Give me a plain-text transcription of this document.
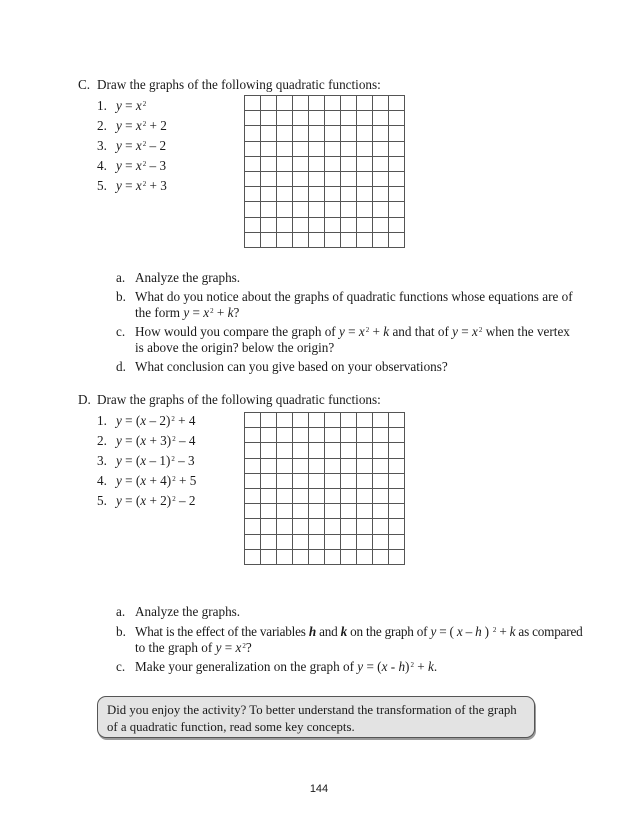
C. Draw the graphs of the following quadratic functions:
1. $y = x^2$
2. $y = x^2 + 2$
3. $y = x^2 - 2$
4. $y = x^2 - 3$
5. $y = x^2 + 3$
a. Analyze the graphs.
b. What do you notice about the graphs of quadratic functions whose equations are of
the form $y = x^2 + k$?
c. How would you compare the graph of $y = x^2 + k$ and that of $y = x^2$ when the vertex
is above the origin? below the origin?
d. What conclusion can you give based on your observations?
D. Draw the graphs of the following quadratic functions:
1. y = (x – 2)$^2$ + 4
2. $y = (x + 3)^2 - 4$
3. y = (x – 1)$^2$ – 3
4. $y = (x + 4)^2 + 5$
5. $y = (x + 2)^2 - 2$
a. Analyze the graphs.
b. What is the effect of the variables h and k on the graph of y = ( x – h ) $^2$ + k as compared
to the graph of $y = x^2$?
c. Make your generalization on the graph of y = (x - h)$^2$ + k.

Did you enjoy the activity? To better understand the transformation of the graph of a quadratic function, read some key concepts.

144
